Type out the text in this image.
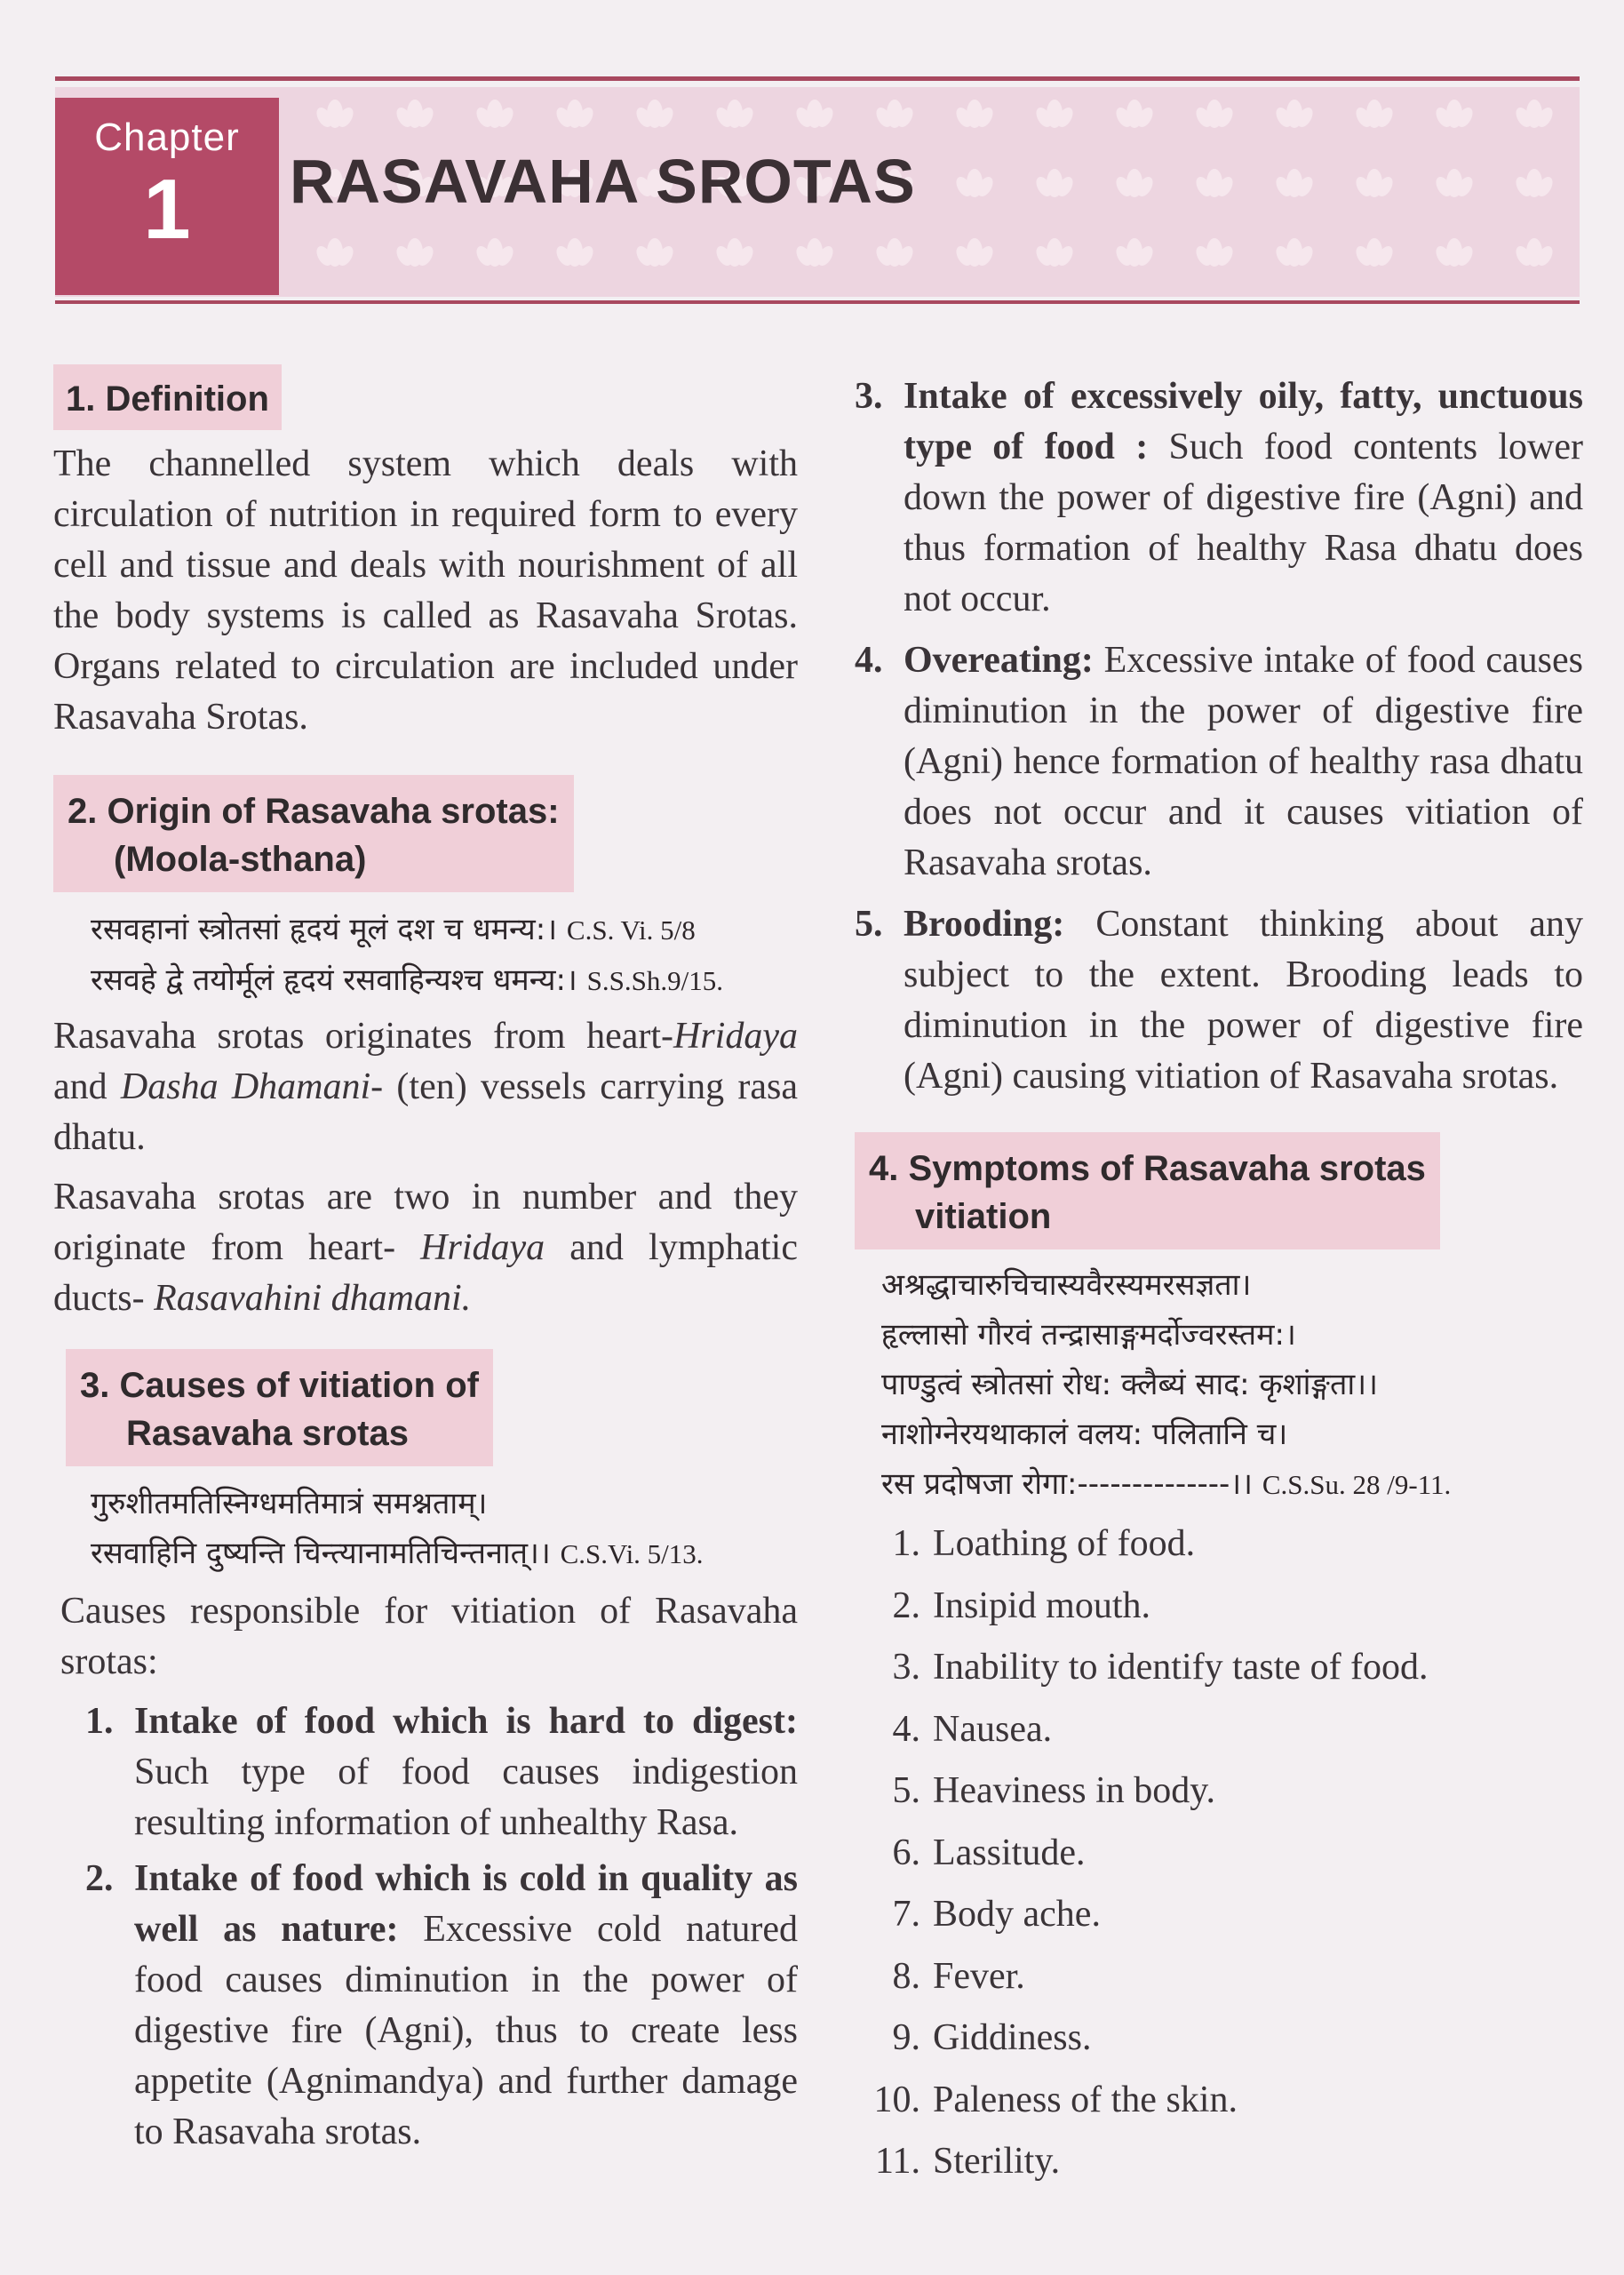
Chapter
1	RASAVAHA SROTAS
1. Definition

The channelled system which deals with circulation of nutrition in required form to every cell and tissue and deals with nourishment of all the body systems is called as Rasavaha Srotas. Organs related to circulation are included under Rasavaha Srotas.

2. Origin of Rasavaha srotas:
(Moola-sthana)
रसवहानां स्त्रोतसां हृदयं मूलं दश च धमन्य:। C.S. Vi. 5/8
रसवहे द्वे तयोर्मूलं हृदयं रसवाहिन्यश्च धमन्य:। S.S.Sh.9/15.

Rasavaha srotas originates from heart-Hridaya and Dasha Dhamani- (ten) vessels carrying rasa dhatu.

Rasavaha srotas are two in number and they originate from heart- Hridaya and lymphatic ducts- Rasavahini dhamani.

3. Causes of vitiation of
Rasavaha srotas
गुरुशीतमतिस्निग्धमतिमात्रं समश्नताम्।
रसवाहिनि दुष्यन्ति चिन्त्यानामतिचिन्तनात्।। C.S.Vi. 5/13.

Causes responsible for vitiation of Rasavaha srotas:

1. Intake of food which is hard to digest: Such type of food causes indigestion resulting information of unhealthy Rasa.
2. Intake of food which is cold in quality as well as nature: Excessive cold natured food causes diminution in the power of digestive fire (Agni), thus to create less appetite (Agnimandya) and further damage to Rasavaha srotas.
3. Intake of excessively oily, fatty, unctuous type of food : Such food contents lower down the power of digestive fire (Agni) and thus formation of healthy Rasa dhatu does not occur.
4. Overeating: Excessive intake of food causes diminution in the power of digestive fire (Agni) hence formation of healthy rasa dhatu does not occur and it causes vitiation of Rasavaha srotas.
5. Brooding: Constant thinking about any subject to the extent. Brooding leads to diminution in the power of digestive fire (Agni) causing vitiation of Rasavaha srotas.
4. Symptoms of Rasavaha srotas
vitiation
अश्रद्धाचारुचिचास्यवैरस्यमरसज्ञता।
हृल्लासो गौरवं तन्द्रासाङ्गमर्दोज्वरस्तम:।
पाण्डुत्वं स्त्रोतसां रोध: क्लैब्यं साद: कृशांङ्गता।।
नाशोग्नेरयथाकालं वलय: पलितानि च।
रस प्रदोषजा रोगा:--------------।। C.S.Su. 28 /9-11.
1. Loathing of food.
2. Insipid mouth.
3. Inability to identify taste of food.
4. Nausea.
5. Heaviness in body.
6. Lassitude.
7. Body ache.
8. Fever.
9. Giddiness.
10. Paleness of the skin.
11. Sterility.
